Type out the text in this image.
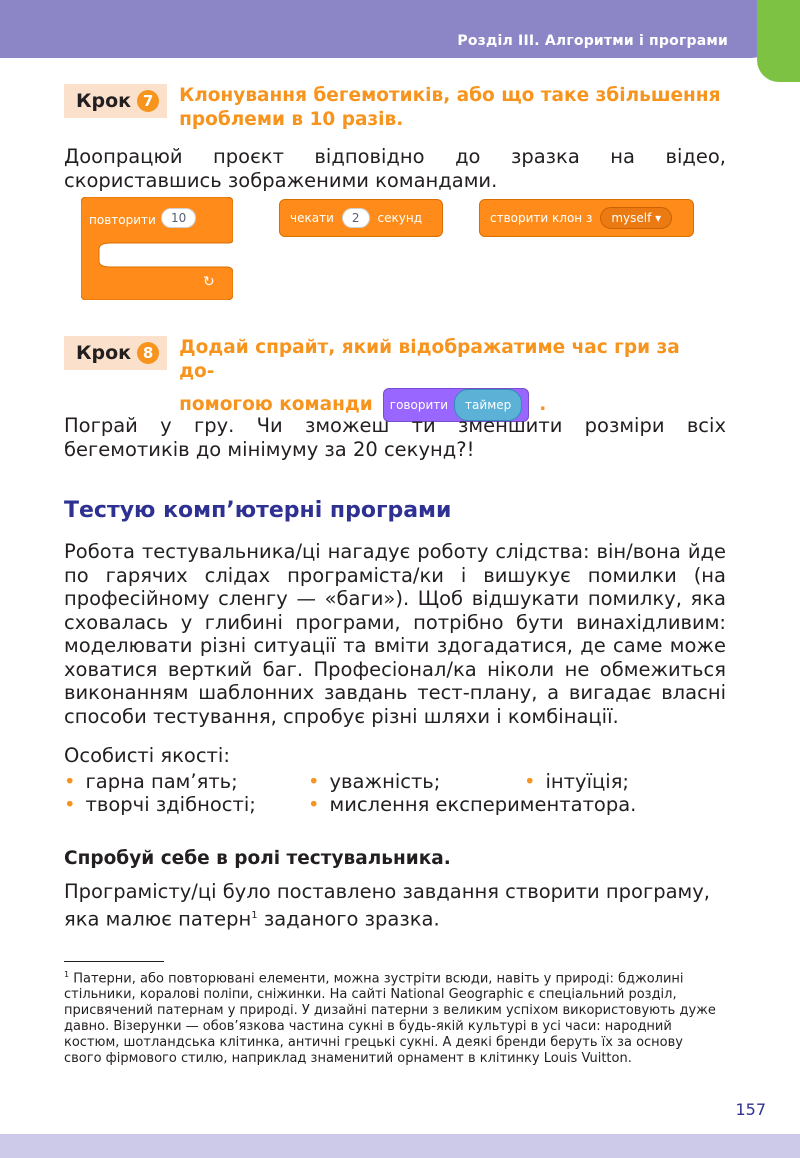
Розділ ІІІ. Алгоритми і програми
Крок 7	Клонування бегемотиків, або що таке збільшення
проблеми в 10 разів.
Доопрацюй проєкт відповідно до зразка на відео, скориставшись зображеними командами.
повторити	10
↻
чекати	2	секунд	створити клон з	myself ▾
Крок 8	Додай спрайт, який відображатиме час гри за до-
помогою команди говорити	таймер	.
Пограй у гру. Чи зможеш ти зменшити розміри всіх бегемотиків до мінімуму за 20 секунд?!
Тестую комп’ютерні програми
Робота тестувальника/ці нагадує роботу слідства: він/вона йде по гарячих слідах програміста/ки і вишукує помилки (на професійному сленгу — «баги»). Щоб відшукати помилку, яка сховалась у глибині програми, потрібно бути винахідливим: моделювати різні ситуації та вміти здогадатися, де саме може ховатися верткий баг. Професіонал/ка ніколи не обмежиться виконанням шаблонних завдань тест-плану, а вигадає власні способи тестування, спробує різні шляхи і комбінації.
Особисті якості:
• гарна пам’ять;	• уважність;	• інтуїція;
• творчі здібності;	• мислення експериментатора.
Спробуй себе в ролі тестувальника.
Програмісту/ці було поставлено завдання створити програму, яка малює патерн$^1$ заданого зразка.
$^1$ Патерни, або повторювані елементи, можна зустріти всюди, навіть у природі: бджолині стільники, коралові поліпи, сніжинки. На сайті National Geographic є спеціальний розділ, присвячений патернам у природі. У дизайні патерни з великим успіхом використовують дуже давно. Візерунки — обов’язкова частина сукні в будь-якій культурі в усі часи: народний костюм, шотландська клітинка, античні грецькі сукні. А деякі бренди беруть їх за основу свого фірмового стилю, наприклад знаменитий орнамент в клітинку Louis Vuitton.
157
